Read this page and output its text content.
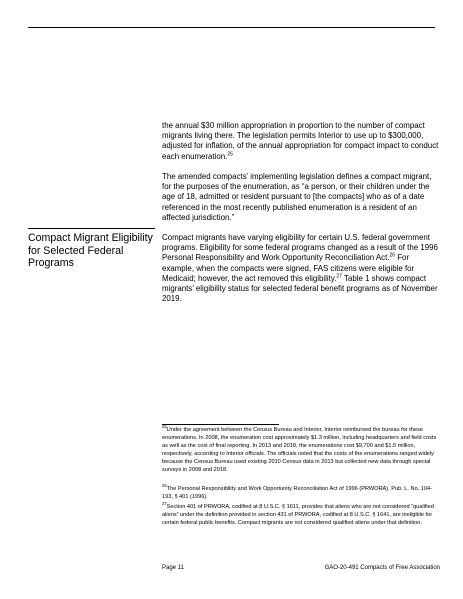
the annual $30 million appropriation in proportion to the number of compact migrants living there. The legislation permits Interior to use up to $300,000, adjusted for inflation, of the annual appropriation for compact impact to conduct each enumeration.$^{25}$

The amended compacts’ implementing legislation defines a compact migrant, for the purposes of the enumeration, as “a person, or their children under the age of 18, admitted or resident pursuant to [the compacts] who as of a date referenced in the most recently published enumeration is a resident of an affected jurisdiction.”

Compact Migrant Eligibility for Selected Federal Programs

Compact migrants have varying eligibility for certain U.S. federal government programs. Eligibility for some federal programs changed as a result of the 1996 Personal Responsibility and Work Opportunity Reconciliation Act.$^{26}$ For example, when the compacts were signed, FAS citizens were eligible for Medicaid; however, the act removed this eligibility.$^{27}$ Table 1 shows compact migrants’ eligibility status for selected federal benefit programs as of November 2019.

$^{25}$Under the agreement between the Census Bureau and Interior, Interior reimbursed the bureau for these enumerations. In 2008, the enumeration cost approximately $1.3 million, including headquarters and field costs as well as the cost of final reporting. In 2013 and 2018, the enumerations cost $9,700 and $1.5 million, respectively, according to Interior officials. The officials noted that the costs of the enumerations ranged widely because the Census Bureau used existing 2010 Census data in 2013 but collected new data through special surveys in 2008 and 2018.

$^{26}$The Personal Responsibility and Work Opportunity Reconciliation Act of 1996 (PRWORA), Pub. L. No. 104-193, § 401 (1996).

$^{27}$Section 401 of PRWORA, codified at 8 U.S.C. § 1611, provides that aliens who are not considered “qualified aliens” under the definition provided in section 431 of PRWORA, codified at 8 U.S.C. § 1641, are ineligible for certain federal public benefits. Compact migrants are not considered qualified aliens under that definition.

Page 11	GAO-20-491 Compacts of Free Association
